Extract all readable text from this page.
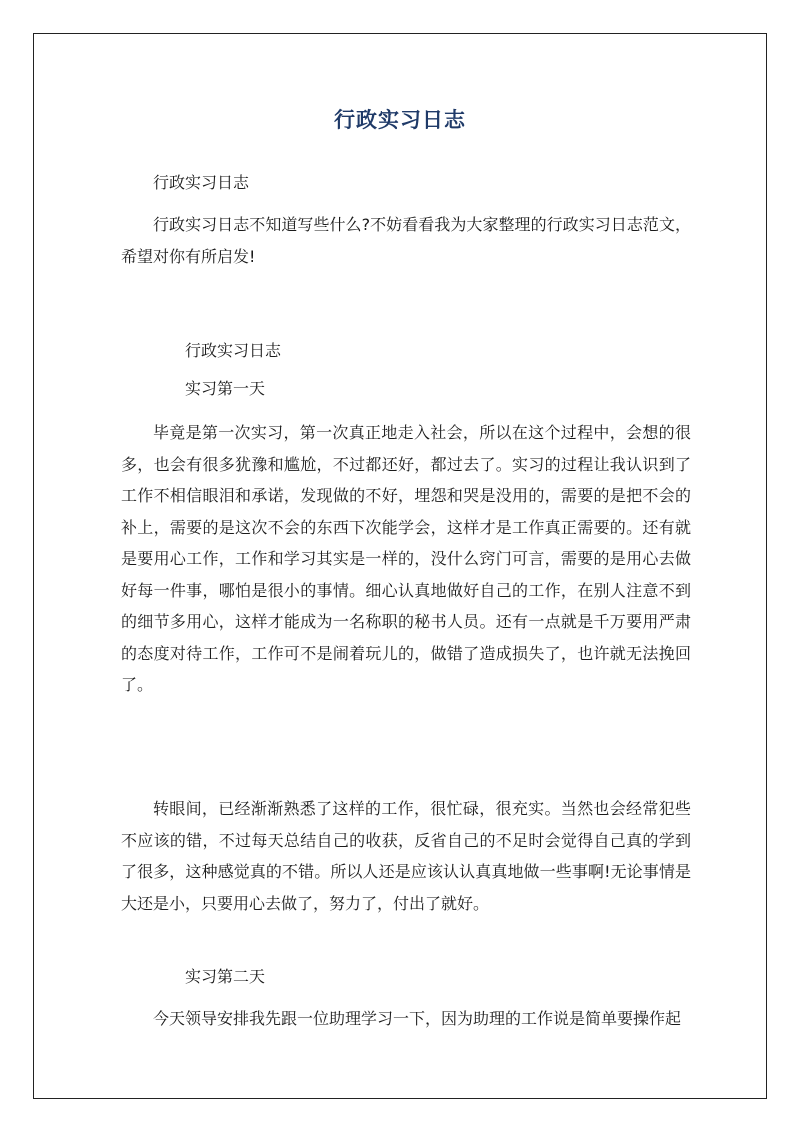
行政实习日志

行政实习日志

行政实习日志不知道写些什么?不妨看看我为大家整理的行政实习日志范文，希望对你有所启发!

行政实习日志

实习第一天

毕竟是第一次实习，第一次真正地走入社会，所以在这个过程中，会想的很多，也会有很多犹豫和尴尬，不过都还好，都过去了。实习的过程让我认识到了工作不相信眼泪和承诺，发现做的不好，埋怨和哭是没用的，需要的是把不会的补上，需要的是这次不会的东西下次能学会，这样才是工作真正需要的。还有就是要用心工作，工作和学习其实是一样的，没什么窍门可言，需要的是用心去做好每一件事，哪怕是很小的事情。细心认真地做好自己的工作，在别人注意不到的细节多用心，这样才能成为一名称职的秘书人员。还有一点就是千万要用严肃的态度对待工作，工作可不是闹着玩儿的，做错了造成损失了，也许就无法挽回了。

转眼间，已经渐渐熟悉了这样的工作，很忙碌，很充实。当然也会经常犯些不应该的错，不过每天总结自己的收获，反省自己的不足时会觉得自己真的学到了很多，这种感觉真的不错。所以人还是应该认认真真地做一些事啊!无论事情是大还是小，只要用心去做了，努力了，付出了就好。

实习第二天

今天领导安排我先跟一位助理学习一下，因为助理的工作说是简单要操作起
